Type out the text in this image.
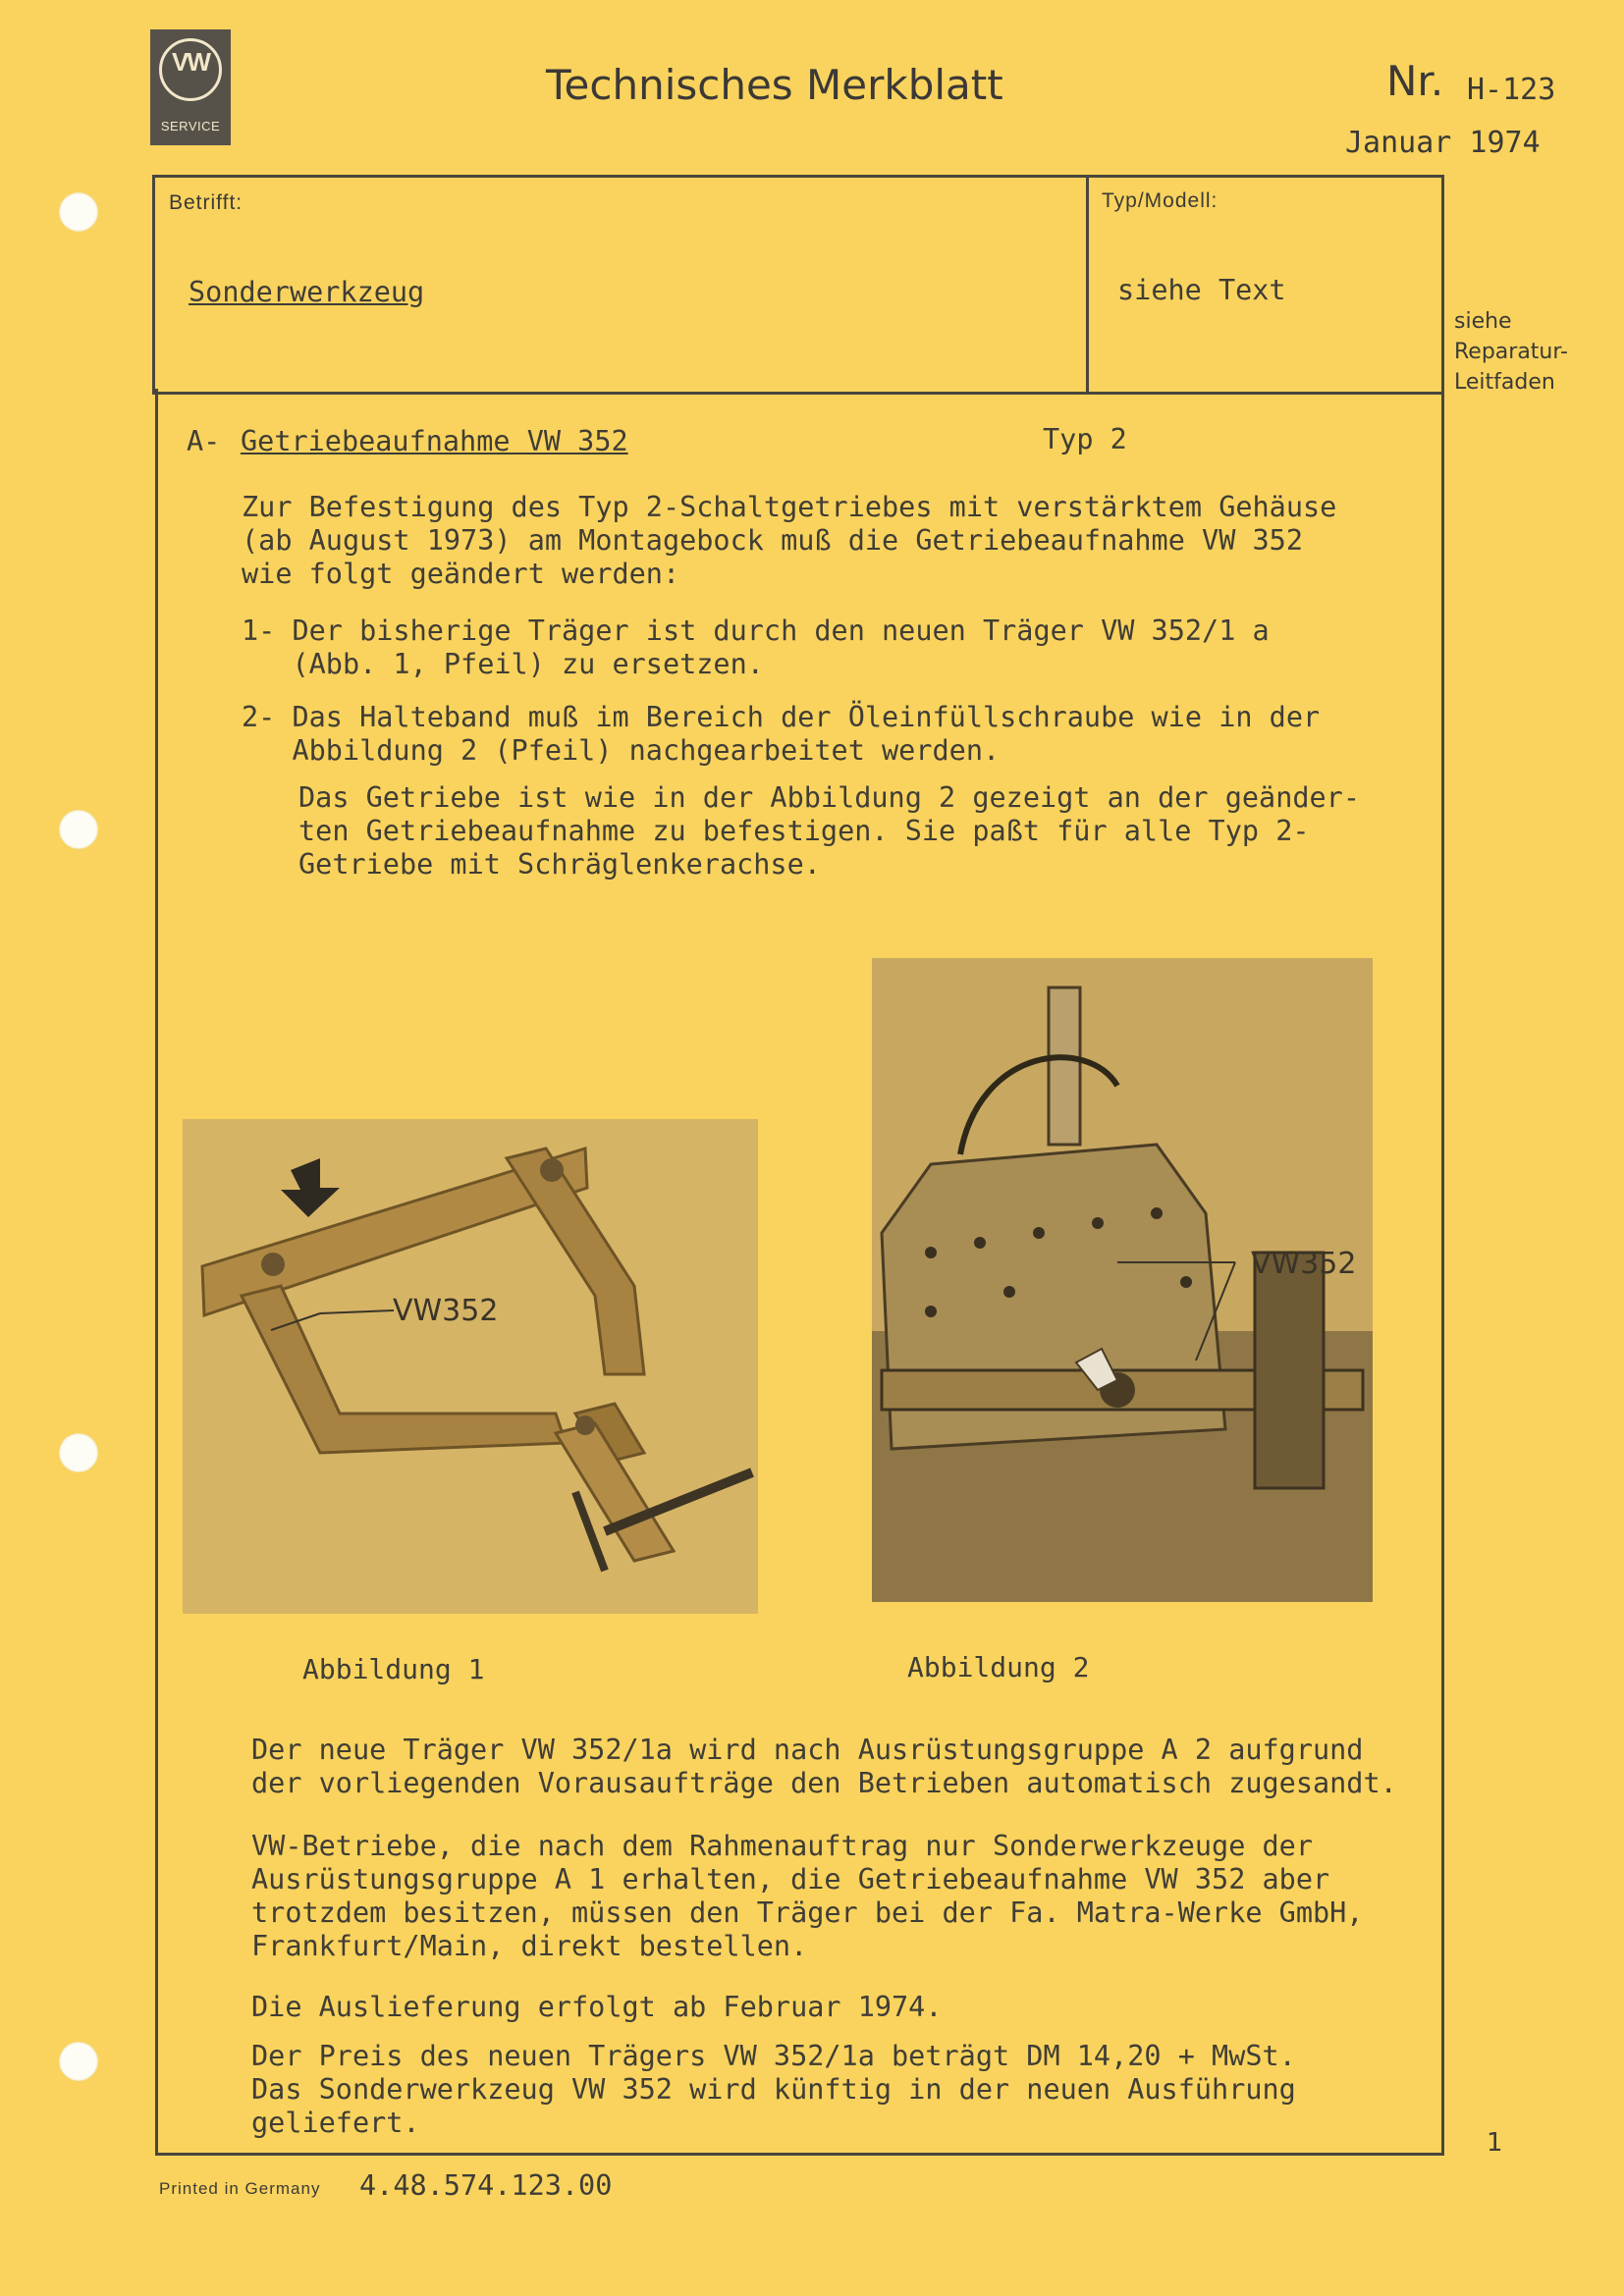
VW
SERVICE
Technisches Merkblatt	Nr. H-123
Januar 1974
Betrifft:
Sonderwerkzeug
Typ/Modell:
siehe Text
siehe
Reparatur-
Leitfaden
A- Getriebeaufnahme VW 352	Typ 2
Zur Befestigung des Typ 2-Schaltgetriebes mit verstärktem Gehäuse
(ab August 1973) am Montagebock muß die Getriebeaufnahme VW 352
wie folgt geändert werden:
1- Der bisherige Träger ist durch den neuen Träger VW 352/1 a
(Abb. 1, Pfeil) zu ersetzen.
2- Das Halteband muß im Bereich der Öleinfüllschraube wie in der
Abbildung 2 (Pfeil) nachgearbeitet werden.
Das Getriebe ist wie in der Abbildung 2 gezeigt an der geänder-
ten Getriebeaufnahme zu befestigen. Sie paßt für alle Typ 2-
Getriebe mit Schräglenkerachse.
VW352
Abbildung 1
VW352
Abbildung 2
Der neue Träger VW 352/1a wird nach Ausrüstungsgruppe A 2 aufgrund
der vorliegenden Vorausaufträge den Betrieben automatisch zugesandt.
VW-Betriebe, die nach dem Rahmenauftrag nur Sonderwerkzeuge der
Ausrüstungsgruppe A 1 erhalten, die Getriebeaufnahme VW 352 aber
trotzdem besitzen, müssen den Träger bei der Fa. Matra-Werke GmbH,
Frankfurt/Main, direkt bestellen.
Die Auslieferung erfolgt ab Februar 1974.
Der Preis des neuen Trägers VW 352/1a beträgt DM 14,20 + MwSt.
Das Sonderwerkzeug VW 352 wird künftig in der neuen Ausführung
geliefert.
Printed in Germany 4.48.574.123.00
1
